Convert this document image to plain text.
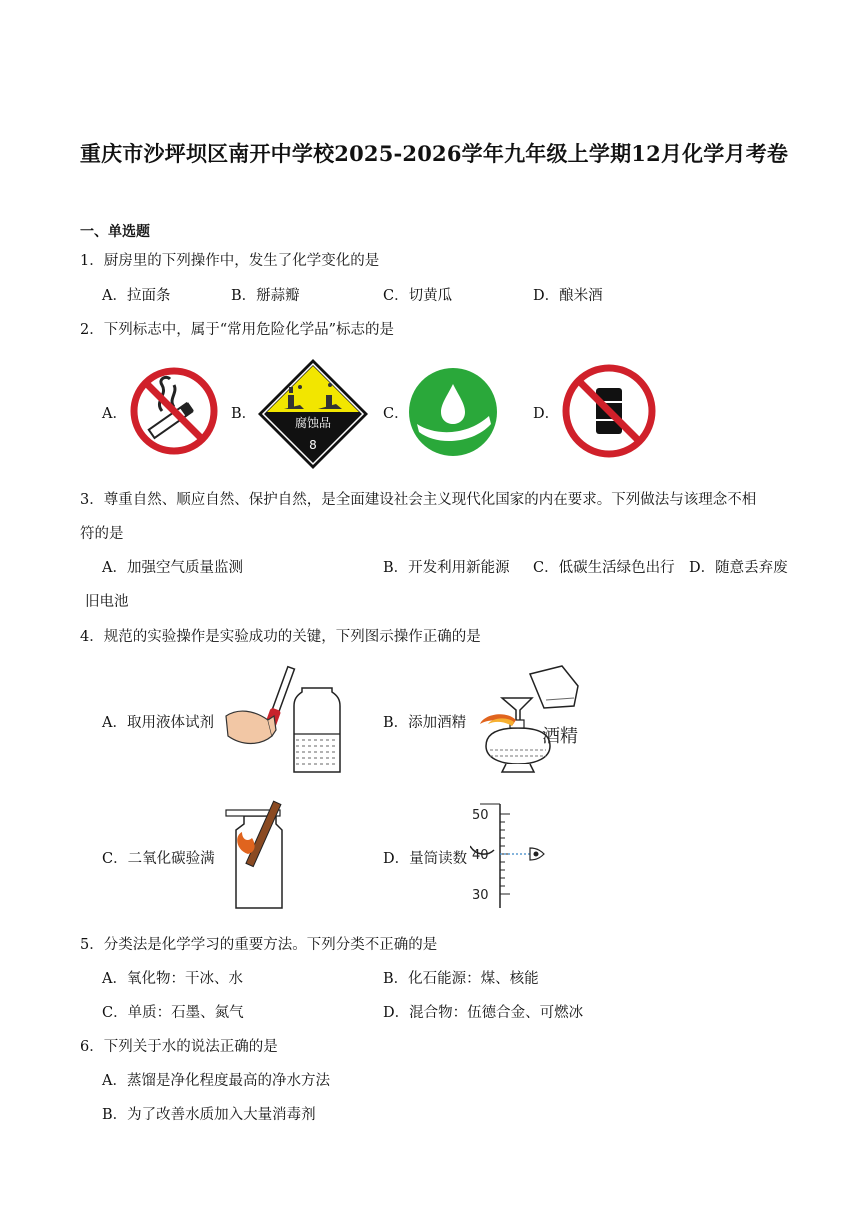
重庆市沙坪坝区南开中学校2025-2026学年九年级上学期12月化学月考卷
一、单选题
1．厨房里的下列操作中，发生了化学变化的是
A．拉面条	B．掰蒜瓣	C．切黄瓜	D．酿米酒
2．下列标志中，属于“常用危险化学品”标志的是
A．	B．	C．	D．
腐蚀品
8
3．尊重自然、顺应自然、保护自然，是全面建设社会主义现代化国家的内在要求。下列做法与该理念不相
符的是
A．加强空气质量监测	B．开发利用新能源 C．低碳生活绿色出行 D．随意丢弃废
旧电池
4．规范的实验操作是实验成功的关键，下列图示操作正确的是
A．取用液体试剂	B．添加酒精
C．二氧化碳验满	D．量筒读数
酒精
50
40
30
5．分类法是化学学习的重要方法。下列分类不正确的是
A．氧化物：干冰、水	B．化石能源：煤、核能
C．单质：石墨、氮气	D．混合物：伍德合金、可燃冰
6．下列关于水的说法正确的是
A．蒸馏是净化程度最高的净水方法
B．为了改善水质加入大量消毒剂
